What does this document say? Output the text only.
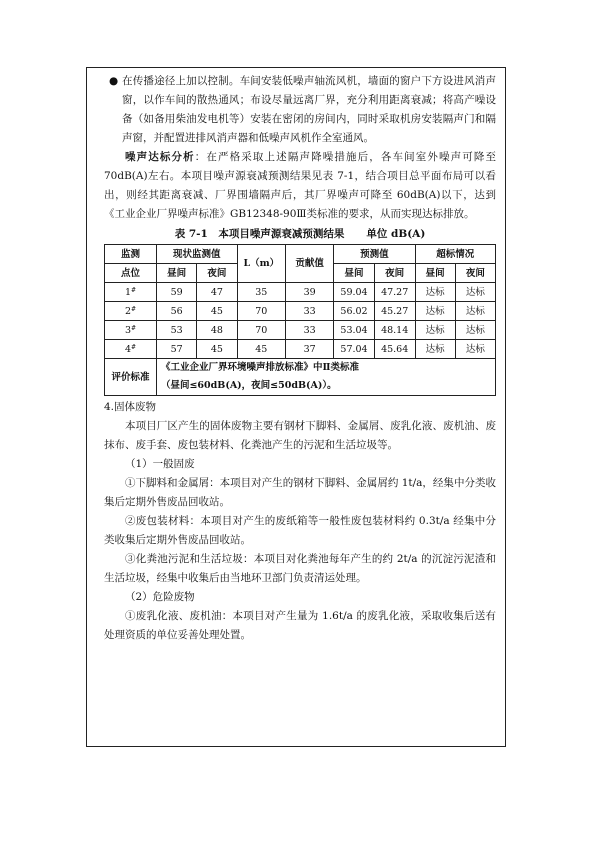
● 在传播途径上加以控制。车间安装低噪声轴流风机，墙面的窗户下方设进风消声窗，以作车间的散热通风；布设尽量远离厂界，充分利用距离衰减；将高产噪设备（如备用柴油发电机等）安装在密闭的房间内，同时采取机房安装隔声门和隔声窗，并配置进排风消声器和低噪声风机作全室通风。

噪声达标分析：在严格采取上述隔声降噪措施后，各车间室外噪声可降至 70dB(A)左右。本项目噪声源衰减预测结果见表 7-1，结合项目总平面布局可以看出，则经其距离衰减、厂界围墙隔声后，其厂界噪声可降至 60dB(A)以下，达到《工业企业厂界噪声标准》GB12348-90Ⅲ类标准的要求，从而实现达标排放。

表 7-1　本项目噪声源衰减预测结果 单位 dB(A)
监测	现状监测值		L（m）	贡献值	预测值		超标情况	
点位	昼间	夜间			昼间	夜间	昼间	夜间
1#	59	47	35	39	59.04	47.27	达标	达标
2#	56	45	70	33	56.02	45.27	达标	达标
3#	53	48	70	33	53.04	48.14	达标	达标
4#	57	45	45	37	57.04	45.64	达标	达标
评价标准	《工业企业厂界环境噪声排放标准》中Ⅱ类标准
（昼间≤60dB(A)，夜间≤50dB(A)）。							

4.固体废物

本项目厂区产生的固体废物主要有钢材下脚料、金属屑、废乳化液、废机油、废抹布、废手套、废包装材料、化粪池产生的污泥和生活垃圾等。

（1）一般固废

①下脚料和金属屑：本项目对产生的钢材下脚料、金属屑约 1t/a，经集中分类收集后定期外售废品回收站。

②废包装材料：本项目对产生的废纸箱等一般性废包装材料约 0.3t/a 经集中分类收集后定期外售废品回收站。

③化粪池污泥和生活垃圾：本项目对化粪池每年产生的约 2t/a 的沉淀污泥渣和生活垃圾，经集中收集后由当地环卫部门负责清运处理。

（2）危险废物

①废乳化液、废机油：本项目对产生量为 1.6t/a 的废乳化液，采取收集后送有处理资质的单位妥善处理处置。
